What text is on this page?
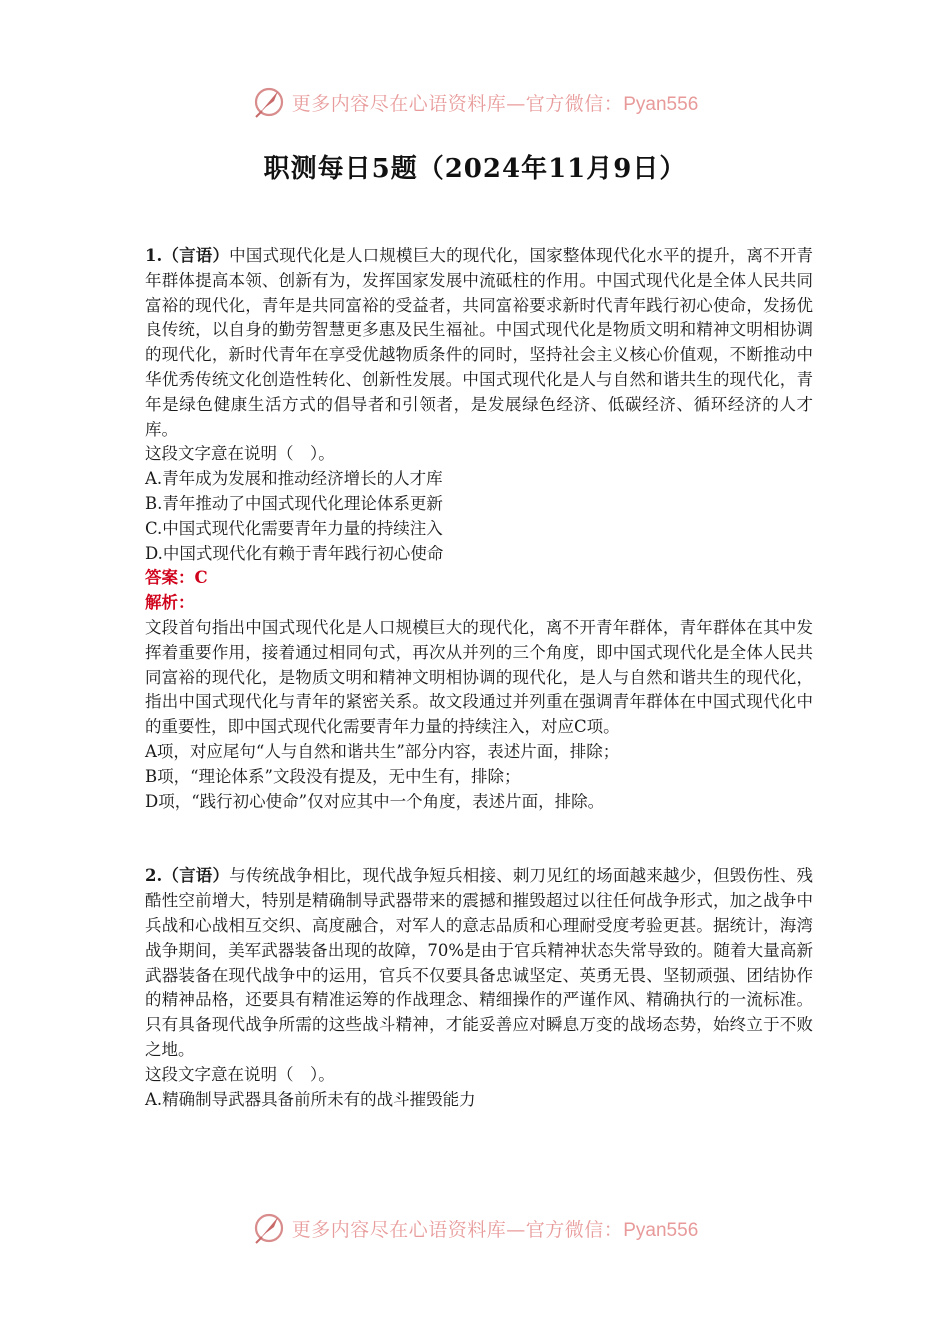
更多内容尽在心语资料库—官方微信：Pyan556
职测每日5题（2024年11月9日）

1.（言语）中国式现代化是人口规模巨大的现代化，国家整体现代化水平的提升，离不开青年群体提高本领、创新有为，发挥国家发展中流砥柱的作用。中国式现代化是全体人民共同富裕的现代化，青年是共同富裕的受益者，共同富裕要求新时代青年践行初心使命，发扬优良传统，以自身的勤劳智慧更多惠及民生福祉。中国式现代化是物质文明和精神文明相协调的现代化，新时代青年在享受优越物质条件的同时，坚持社会主义核心价值观，不断推动中华优秀传统文化创造性转化、创新性发展。中国式现代化是人与自然和谐共生的现代化，青年是绿色健康生活方式的倡导者和引领者，是发展绿色经济、低碳经济、循环经济的人才库。

这段文字意在说明（　）。

A.青年成为发展和推动经济增长的人才库

B.青年推动了中国式现代化理论体系更新

C.中国式现代化需要青年力量的持续注入

D.中国式现代化有赖于青年践行初心使命

答案：C

解析：

文段首句指出中国式现代化是人口规模巨大的现代化，离不开青年群体，青年群体在其中发挥着重要作用，接着通过相同句式，再次从并列的三个角度，即中国式现代化是全体人民共同富裕的现代化，是物质文明和精神文明相协调的现代化，是人与自然和谐共生的现代化，指出中国式现代化与青年的紧密关系。故文段通过并列重在强调青年群体在中国式现代化中的重要性，即中国式现代化需要青年力量的持续注入，对应C项。

A项，对应尾句“人与自然和谐共生”部分内容，表述片面，排除；

B项，“理论体系”文段没有提及，无中生有，排除；

D项，“践行初心使命”仅对应其中一个角度，表述片面，排除。

2.（言语）与传统战争相比，现代战争短兵相接、刺刀见红的场面越来越少，但毁伤性、残酷性空前增大，特别是精确制导武器带来的震撼和摧毁超过以往任何战争形式，加之战争中兵战和心战相互交织、高度融合，对军人的意志品质和心理耐受度考验更甚。据统计，海湾战争期间，美军武器装备出现的故障，70%是由于官兵精神状态失常导致的。随着大量高新武器装备在现代战争中的运用，官兵不仅要具备忠诚坚定、英勇无畏、坚韧顽强、团结协作的精神品格，还要具有精准运筹的作战理念、精细操作的严谨作风、精确执行的一流标准。只有具备现代战争所需的这些战斗精神，才能妥善应对瞬息万变的战场态势，始终立于不败之地。

这段文字意在说明（　）。

A.精确制导武器具备前所未有的战斗摧毁能力

更多内容尽在心语资料库—官方微信：Pyan556
